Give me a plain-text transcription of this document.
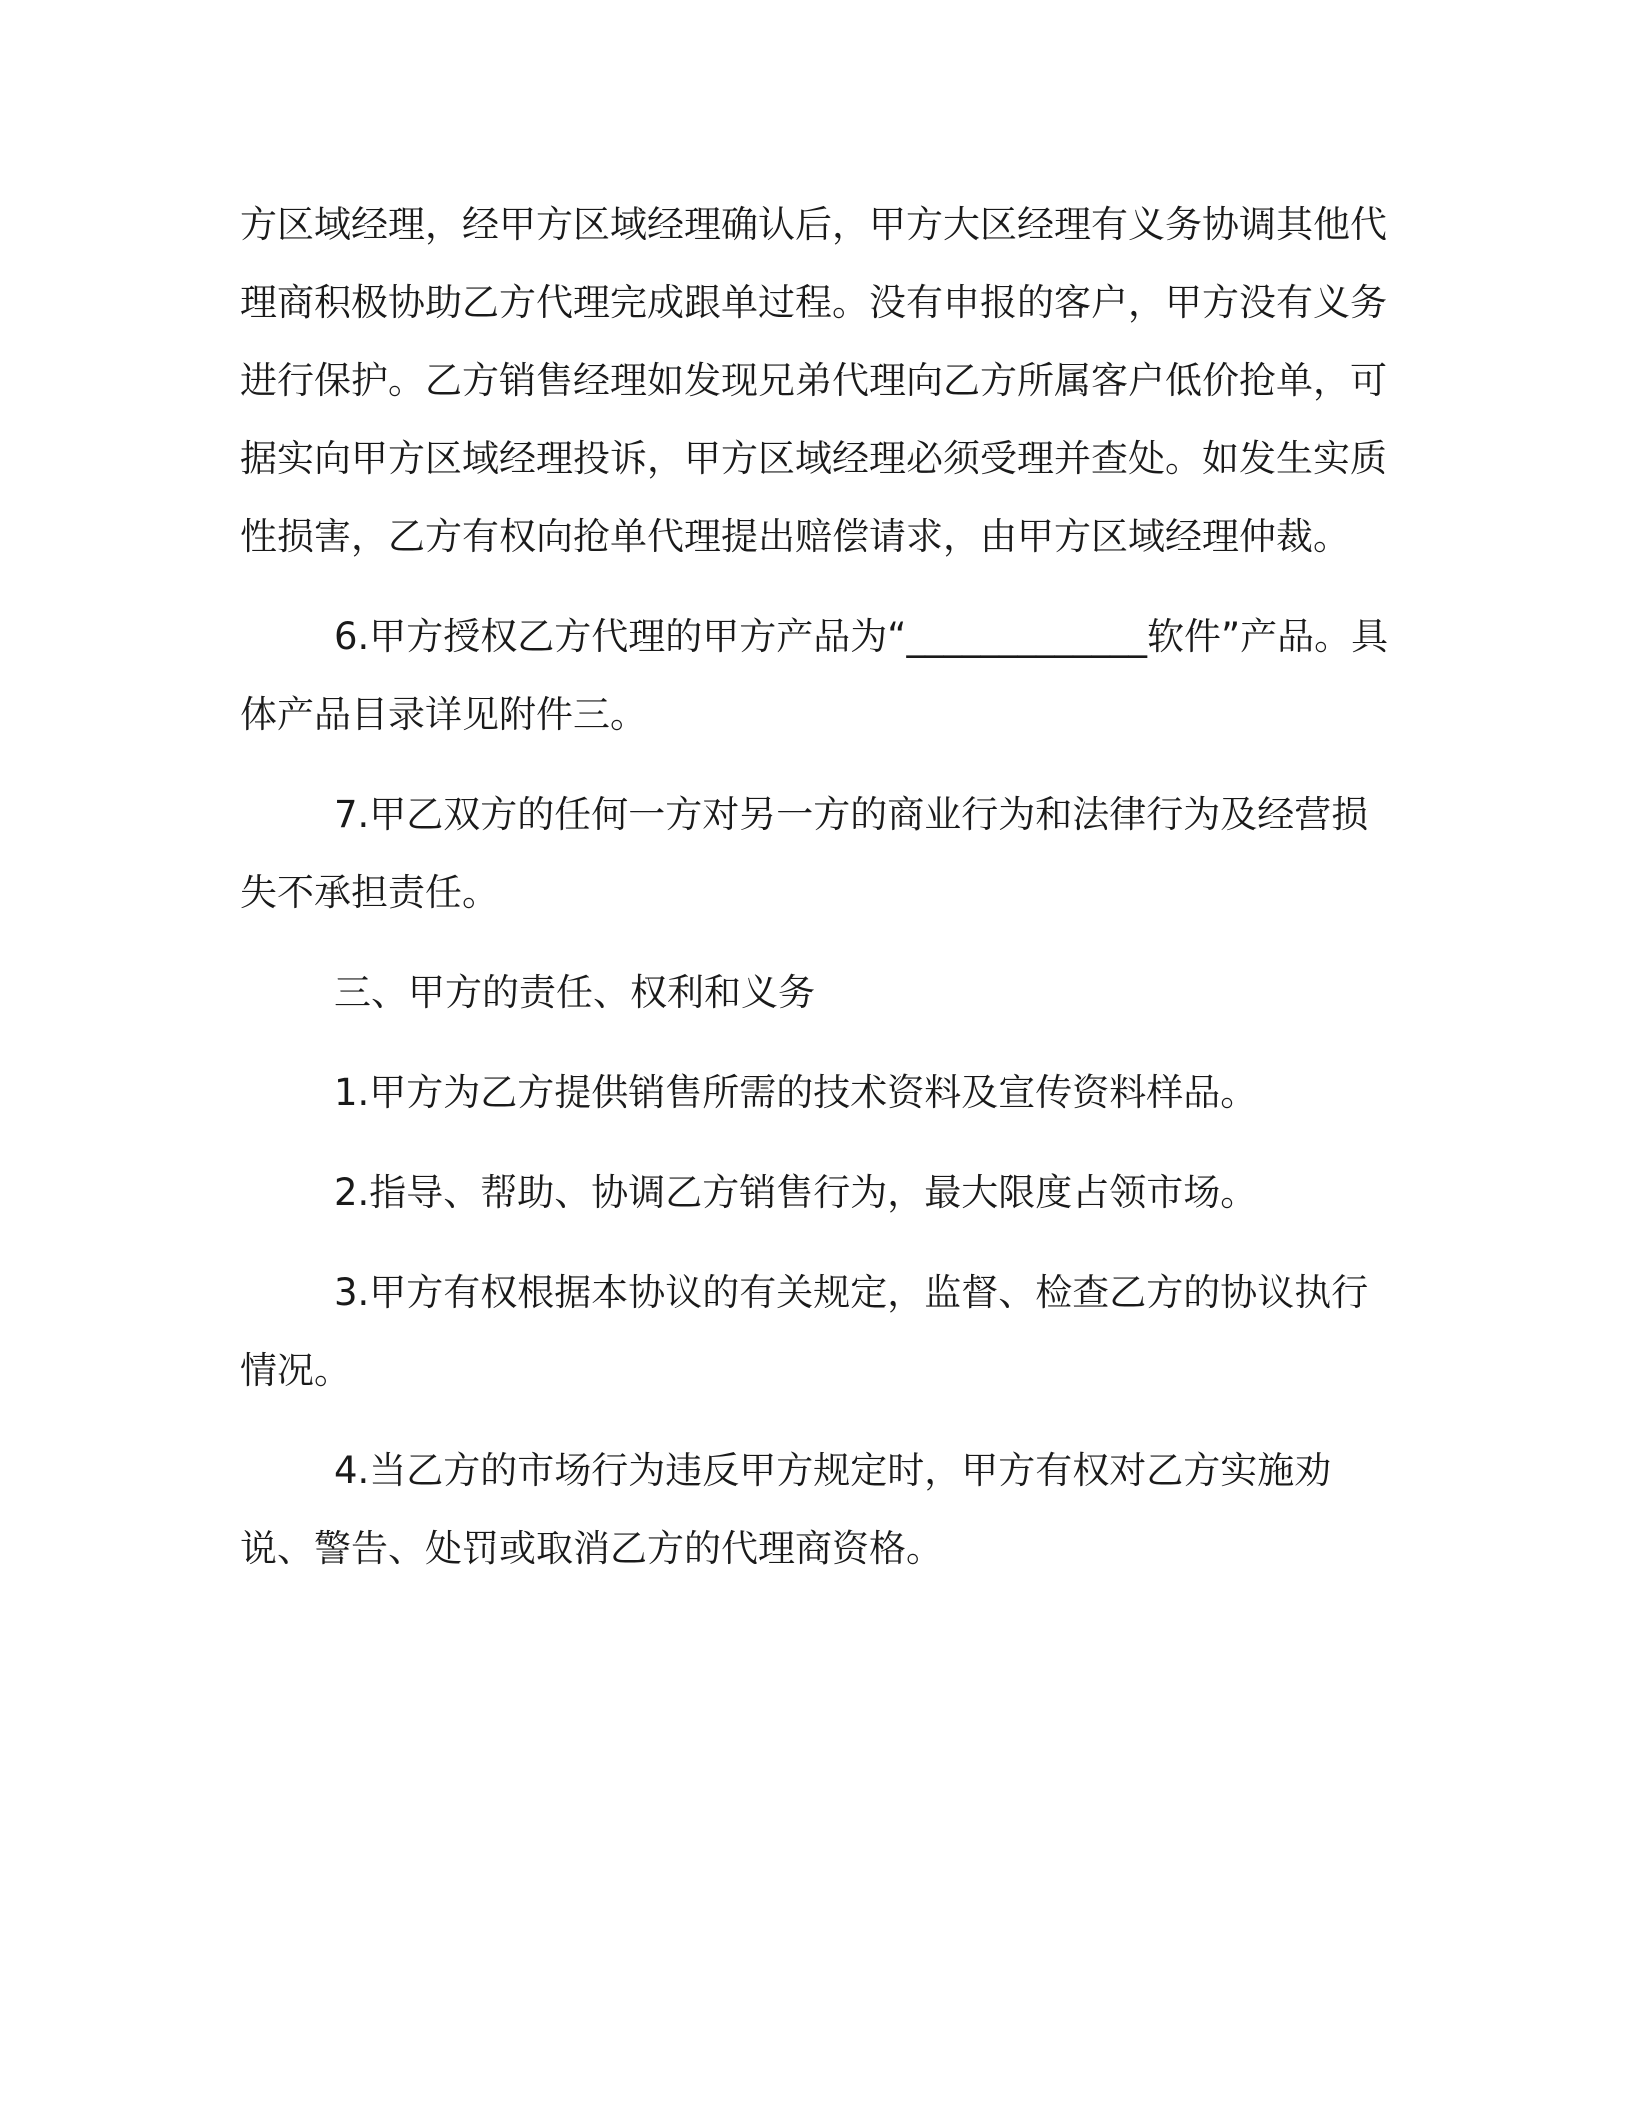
方区域经理，经甲方区域经理确认后，甲方大区经理有义务协调其他代理商积极协助乙方代理完成跟单过程。没有申报的客户，甲方没有义务进行保护。乙方销售经理如发现兄弟代理向乙方所属客户低价抢单，可据实向甲方区域经理投诉，甲方区域经理必须受理并查处。如发生实质性损害，乙方有权向抢单代理提出赔偿请求，由甲方区域经理仲裁。

6.甲方授权乙方代理的甲方产品为“_____________软件”产品。具体产品目录详见附件三。

7.甲乙双方的任何一方对另一方的商业行为和法律行为及经营损失不承担责任。

三、甲方的责任、权利和义务

1.甲方为乙方提供销售所需的技术资料及宣传资料样品。

2.指导、帮助、协调乙方销售行为，最大限度占领市场。

3.甲方有权根据本协议的有关规定，监督、检查乙方的协议执行情况。

4.当乙方的市场行为违反甲方规定时，甲方有权对乙方实施劝说、警告、处罚或取消乙方的代理商资格。
